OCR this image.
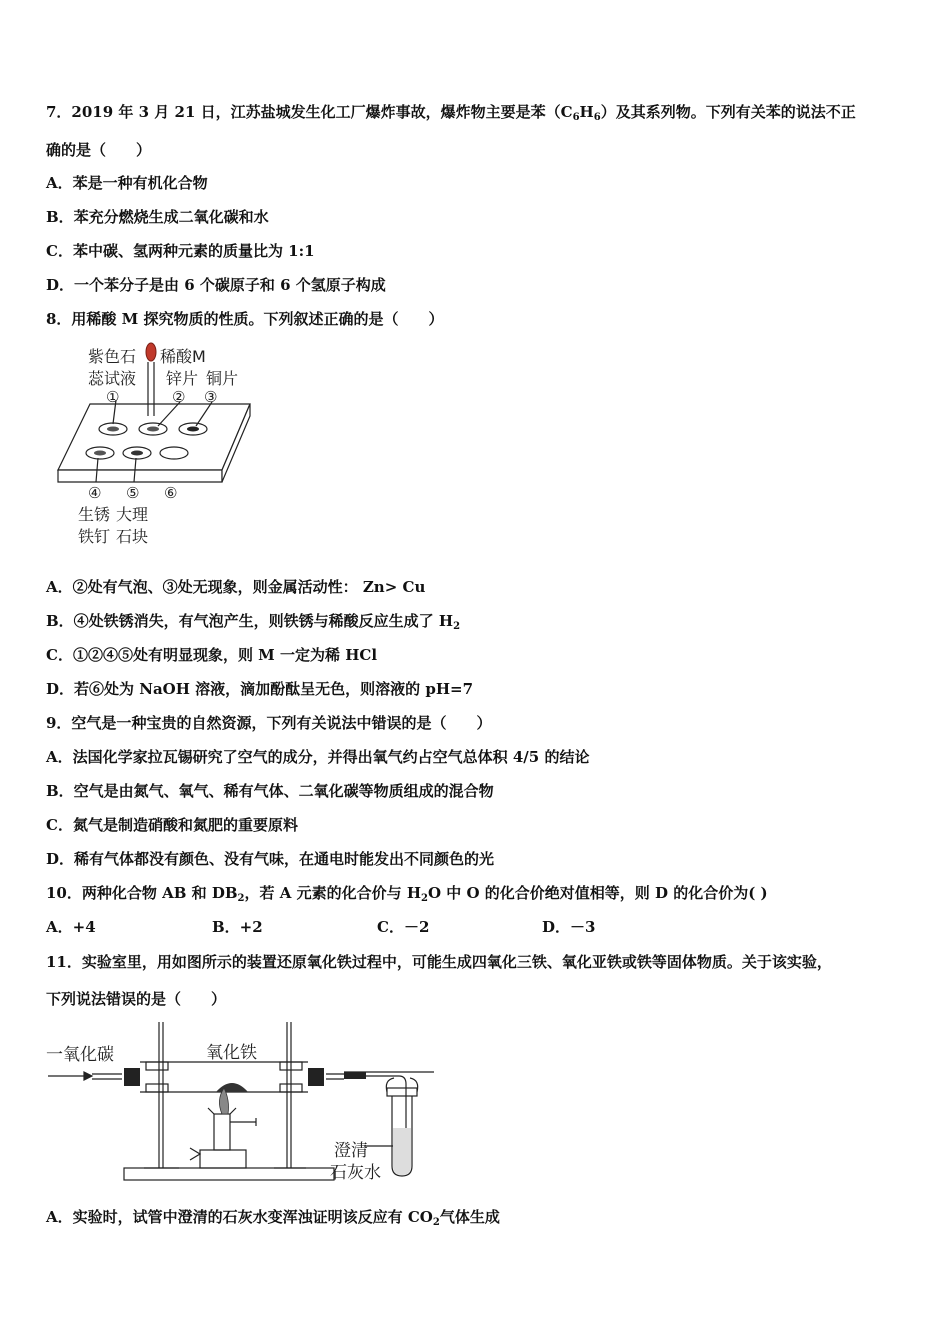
7．2019 年 3 月 21 日，江苏盐城发生化工厂爆炸事故，爆炸物主要是苯$(C_6H_6)$及其系列物。下列有关苯的说法不正
确的是（　　）
A．苯是一种有机化合物
B．苯充分燃烧生成二氧化碳和水
C．苯中碳、氢两种元素的质量比为 1:1
D．一个苯分子是由 6 个碳原子和 6 个氢原子构成
8．用稀酸 M 探究物质的性质。下列叙述正确的是（　　）
紫色石
蕊试液
稀酸M
锌片 铜片
①	② ③
④ ⑤ ⑥
生锈
铁钉
大理
石块
A．②处有气泡、③处无现象，则金属活动性： Zn> Cu
B．④处铁锈消失，有气泡产生，则铁锈与稀酸反应生成了 $H_2$
C．①②④⑤处有明显现象，则 M 一定为稀 HCl
D．若⑥处为 NaOH 溶液，滴加酚酞呈无色，则溶液的 pH=7
9．空气是一种宝贵的自然资源，下列有关说法中错误的是（　　）
A．法国化学家拉瓦锡研究了空气的成分，并得出氧气约占空气总体积 4/5 的结论
B．空气是由氮气、氧气、稀有气体、二氧化碳等物质组成的混合物
C．氮气是制造硝酸和氮肥的重要原料
D．稀有气体都没有颜色、没有气味，在通电时能发出不同颜色的光
10．两种化合物 AB 和 $DB_2$，若 A 元素的化合价与 $H_2O$ 中 O 的化合价绝对值相等，则 D 的化合价为( )
A．+4	B．+2	C．－2	D．－3
11．实验室里，用如图所示的装置还原氧化铁过程中，可能生成四氧化三铁、氧化亚铁或铁等固体物质。关于该实验，
下列说法错误的是（　　）
一氧化碳	氧化铁
澄清
石灰水
A．实验时，试管中澄清的石灰水变浑浊证明该反应有 $CO_2$气体生成
